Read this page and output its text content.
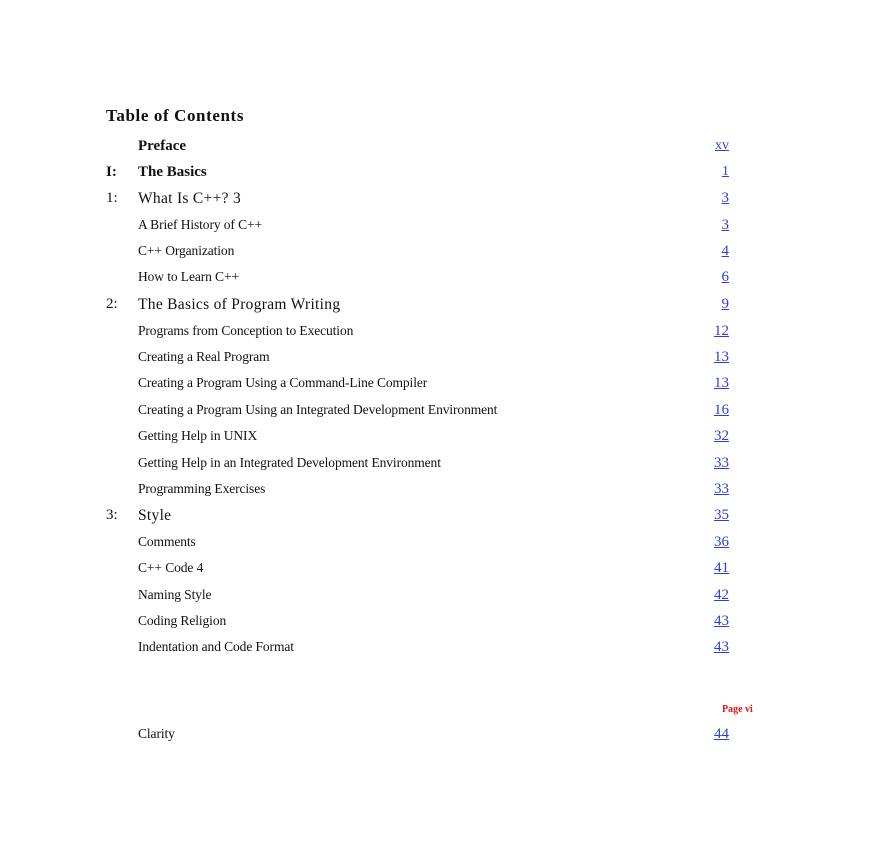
Table of Contents
Preface	xv
I: The Basics	1
1: What Is C++? 3	3
A Brief History of C++	3
C++ Organization	4
How to Learn C++	6
2: The Basics of Program Writing	9
Programs from Conception to Execution	12
Creating a Real Program	13
Creating a Program Using a Command-Line Compiler	13
Creating a Program Using an Integrated Development Environment	16
Getting Help in UNIX	32
Getting Help in an Integrated Development Environment	33
Programming Exercises	33
3: Style	35
Comments	36
C++ Code 4	41
Naming Style	42
Coding Religion	43
Indentation and Code Format	43
Clarity	44
Page vi
